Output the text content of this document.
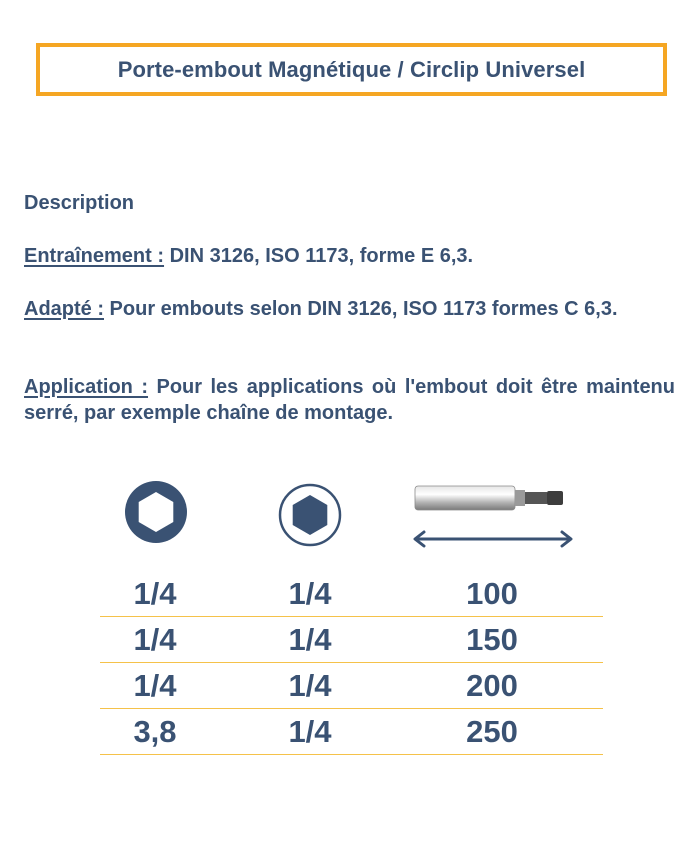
Porte-embout Magnétique / Circlip Universel
Description
Entraînement : DIN 3126, ISO 1173, forme E 6,3.
Adapté : Pour embouts selon DIN 3126, ISO 1173 formes C 6,3.
Application : Pour les applications où l'embout doit être maintenu serré, par exemple chaîne de montage.
1/4	1/4	100
1/4	1/4	150
1/4	1/4	200
3,8	1/4	250
